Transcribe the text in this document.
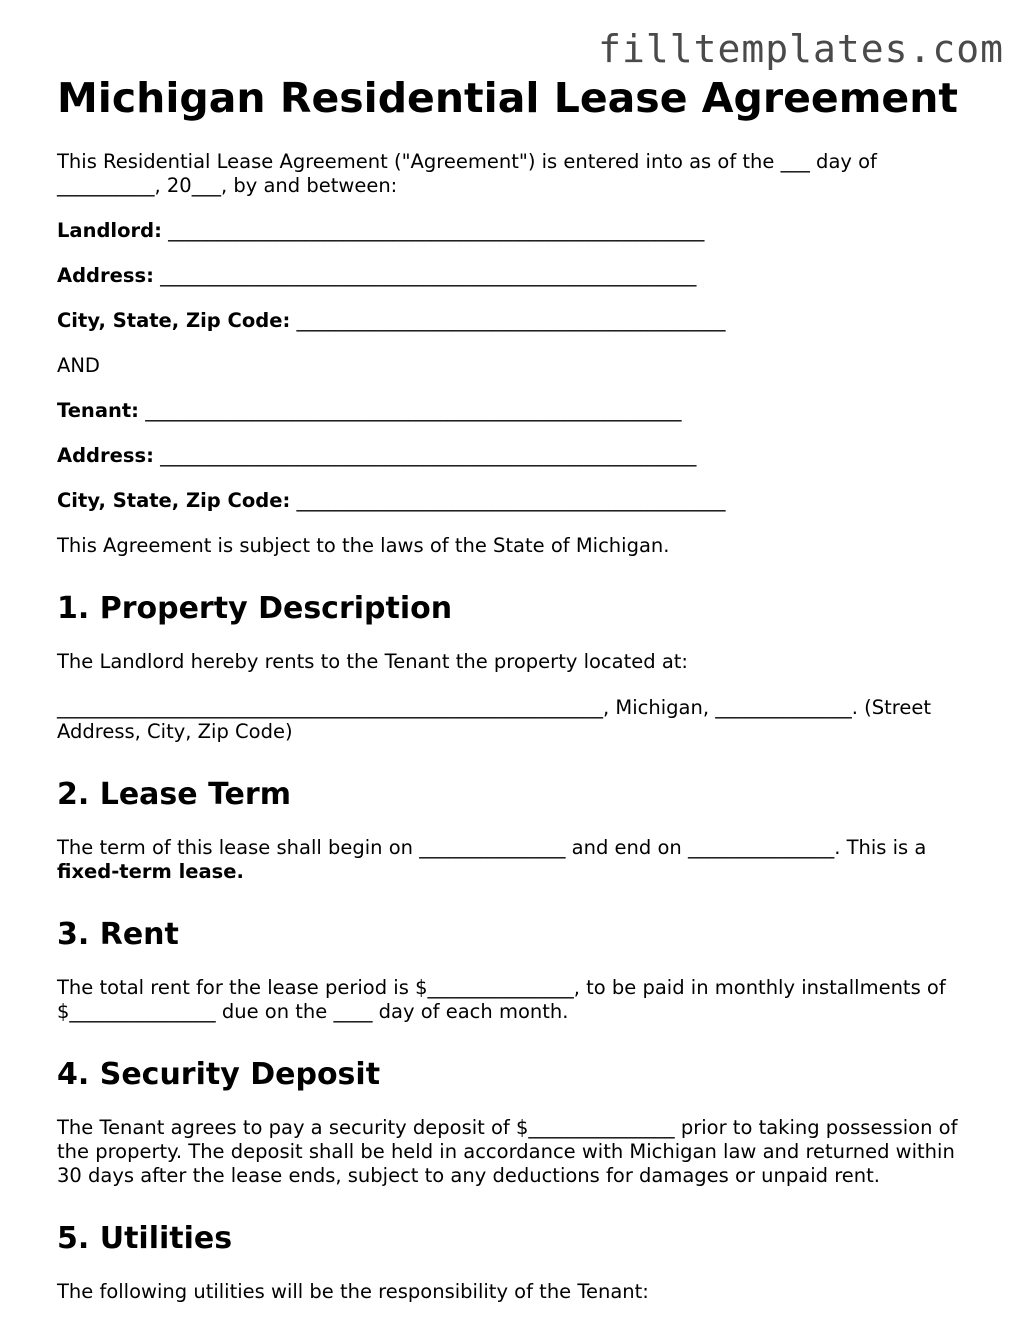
filltemplates.com
Michigan Residential Lease Agreement

This Residential Lease Agreement ("Agreement") is entered into as of the ___ day of __________, 20___, by and between:

Landlord: _______________________________________________________
Address: _______________________________________________________
City, State, Zip Code: ____________________________________________

AND

Tenant: _______________________________________________________
Address: _______________________________________________________
City, State, Zip Code: ____________________________________________

This Agreement is subject to the laws of the State of Michigan.

1. Property Description

The Landlord hereby rents to the Tenant the property located at:

________________________________________________________, Michigan, ______________. (Street Address, City, Zip Code)

2. Lease Term

The term of this lease shall begin on _______________ and end on _______________. This is a fixed-term lease.

3. Rent

The total rent for the lease period is $_______________, to be paid in monthly installments of $_______________ due on the ____ day of each month.

4. Security Deposit

The Tenant agrees to pay a security deposit of $_______________ prior to taking possession of the property. The deposit shall be held in accordance with Michigan law and returned within 30 days after the lease ends, subject to any deductions for damages or unpaid rent.

5. Utilities

The following utilities will be the responsibility of the Tenant:
